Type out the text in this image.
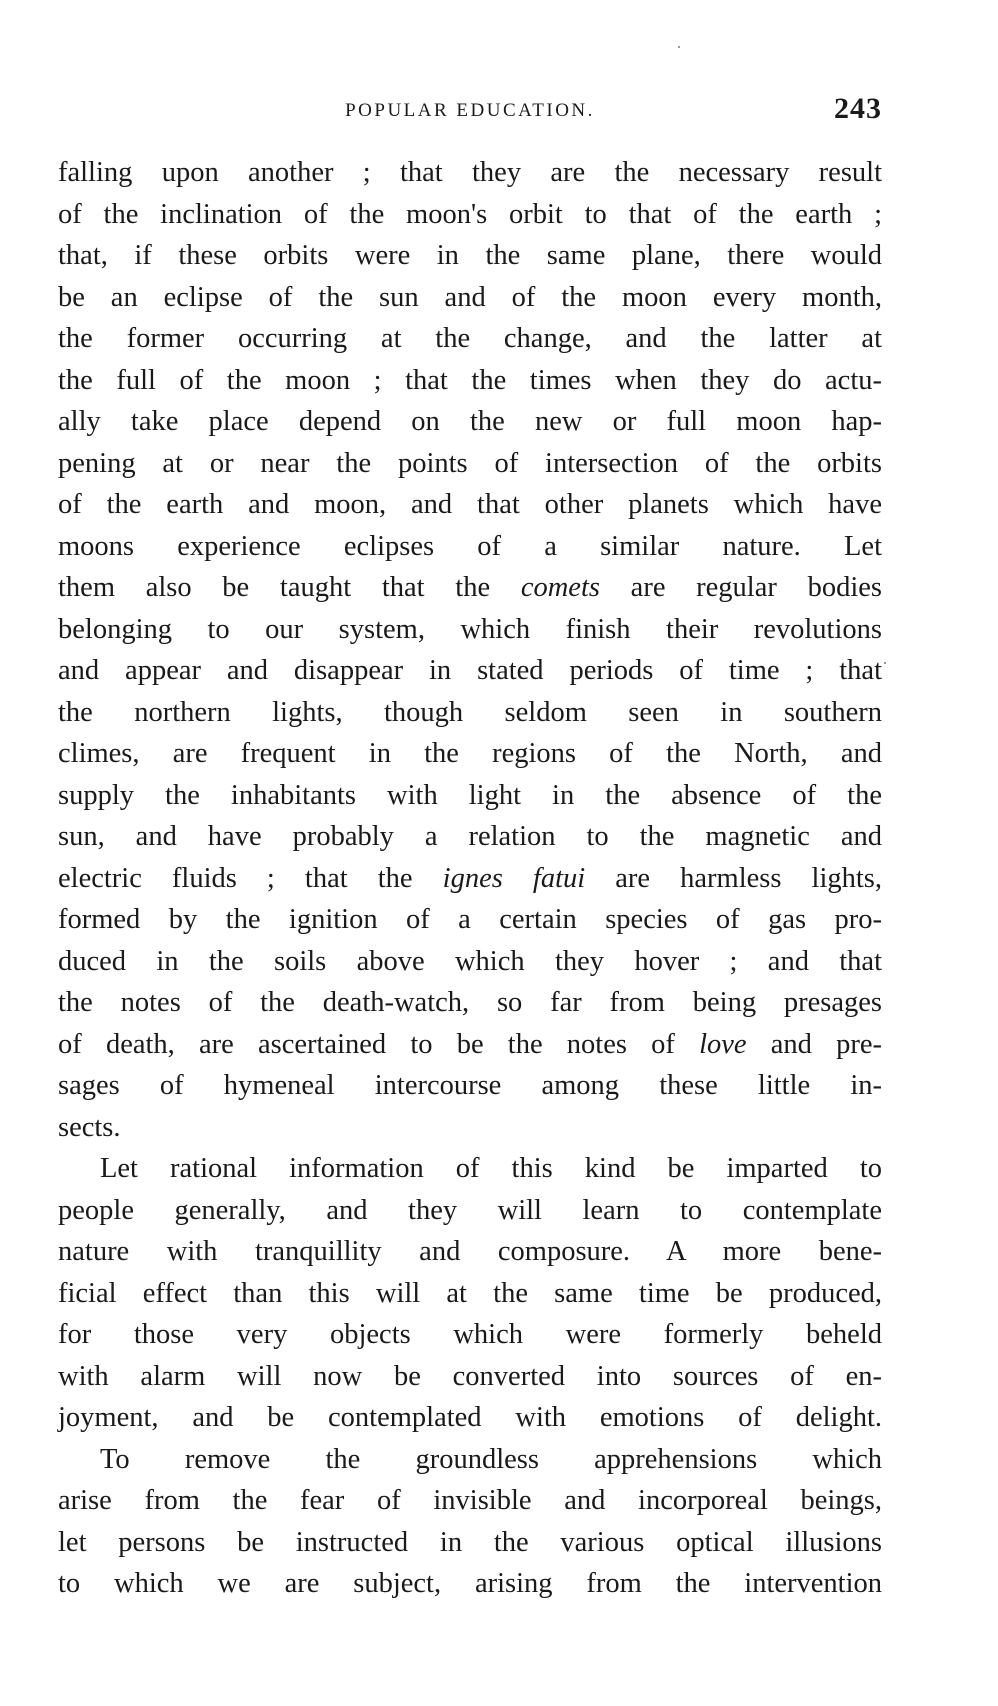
POPULAR EDUCATION.	243
falling upon another ; that they are the necessary result
of the inclination of the moon's orbit to that of the earth ;
that, if these orbits were in the same plane, there would
be an eclipse of the sun and of the moon every month,
the former occurring at the change, and the latter at
the full of the moon ; that the times when they do actu-
ally take place depend on the new or full moon hap-
pening at or near the points of intersection of the orbits
of the earth and moon, and that other planets which have
moons experience eclipses of a similar nature. Let
them also be taught that the comets are regular bodies
belonging to our system, which finish their revolutions
and appear and disappear in stated periods of time ; that
the northern lights, though seldom seen in southern
climes, are frequent in the regions of the North, and
supply the inhabitants with light in the absence of the
sun, and have probably a relation to the magnetic and
electric fluids ; that the ignes fatui are harmless lights,
formed by the ignition of a certain species of gas pro-
duced in the soils above which they hover ; and that
the notes of the death-watch, so far from being presages
of death, are ascertained to be the notes of love and pre-
sages of hymeneal intercourse among these little in-
sects.
Let rational information of this kind be imparted to
people generally, and they will learn to contemplate
nature with tranquillity and composure. A more bene-
ficial effect than this will at the same time be produced,
for those very objects which were formerly beheld
with alarm will now be converted into sources of en-
joyment, and be contemplated with emotions of delight.
To remove the groundless apprehensions which
arise from the fear of invisible and incorporeal beings,
let persons be instructed in the various optical illusions
to which we are subject, arising from the intervention
